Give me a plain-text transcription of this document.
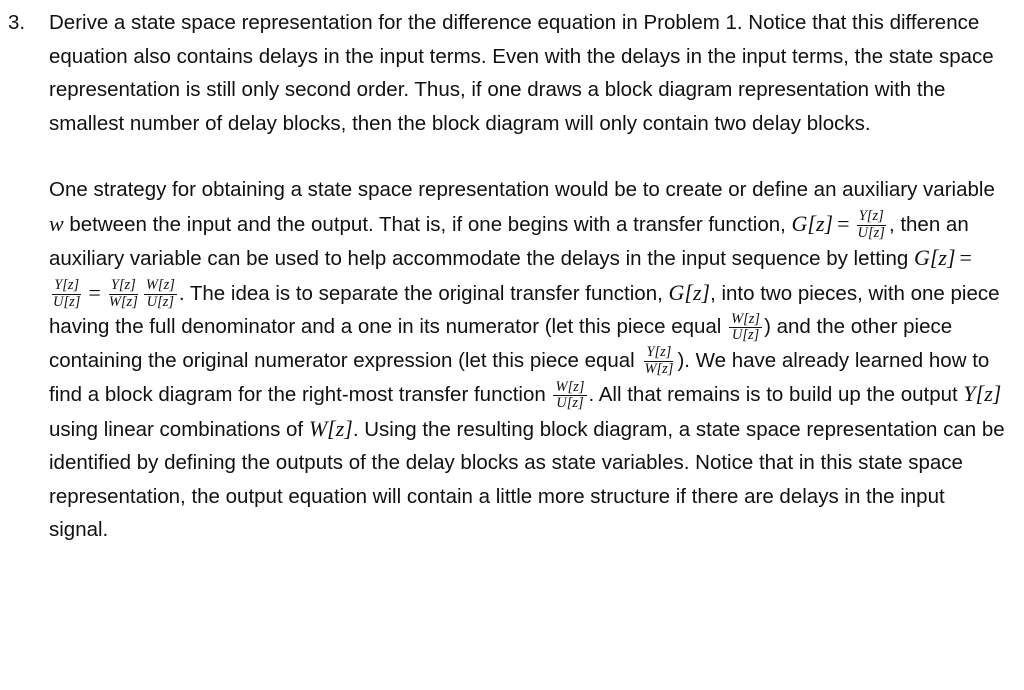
3. Derive a state space representation for the difference equation in Problem 1. Notice that this difference equation also contains delays in the input terms. Even with the delays in the input terms, the state space representation is still only second order. Thus, if one draws a block diagram representation with the smallest number of delay blocks, then the block diagram will only contain two delay blocks.

One strategy for obtaining a state space representation would be to create or define an auxiliary variable w between the input and the output. That is, if one begins with a transfer function, $G[z] = \frac{Y[z]}{U[z]}$ , then an auxiliary variable can be used to help accommodate the delays in the input sequence by letting G[z] =
$\frac{Y[z]}{U[z]} = \frac{Y[z]}{W[z]} \frac{W[z]}{U[z]}$ . The idea is to separate the original transfer function, G[z], into two pieces, with one piece having the full denominator and a one in its numerator (let this piece equal $\frac{W[z]}{U[z]}$ ) and the other piece containing the original numerator expression (let this piece equal $\frac{Y[z]}{W[z]}$ ). We have already learned how to find a block diagram for the right-most transfer function $\frac{W[z]}{U[z]}$ . All that remains is to build up the output Y[z] using linear combinations of W[z]. Using the resulting block diagram, a state space representation can be identified by defining the outputs of the delay blocks as state variables. Notice that in this state space representation, the output equation will contain a little more structure if there are delays in the input signal.
